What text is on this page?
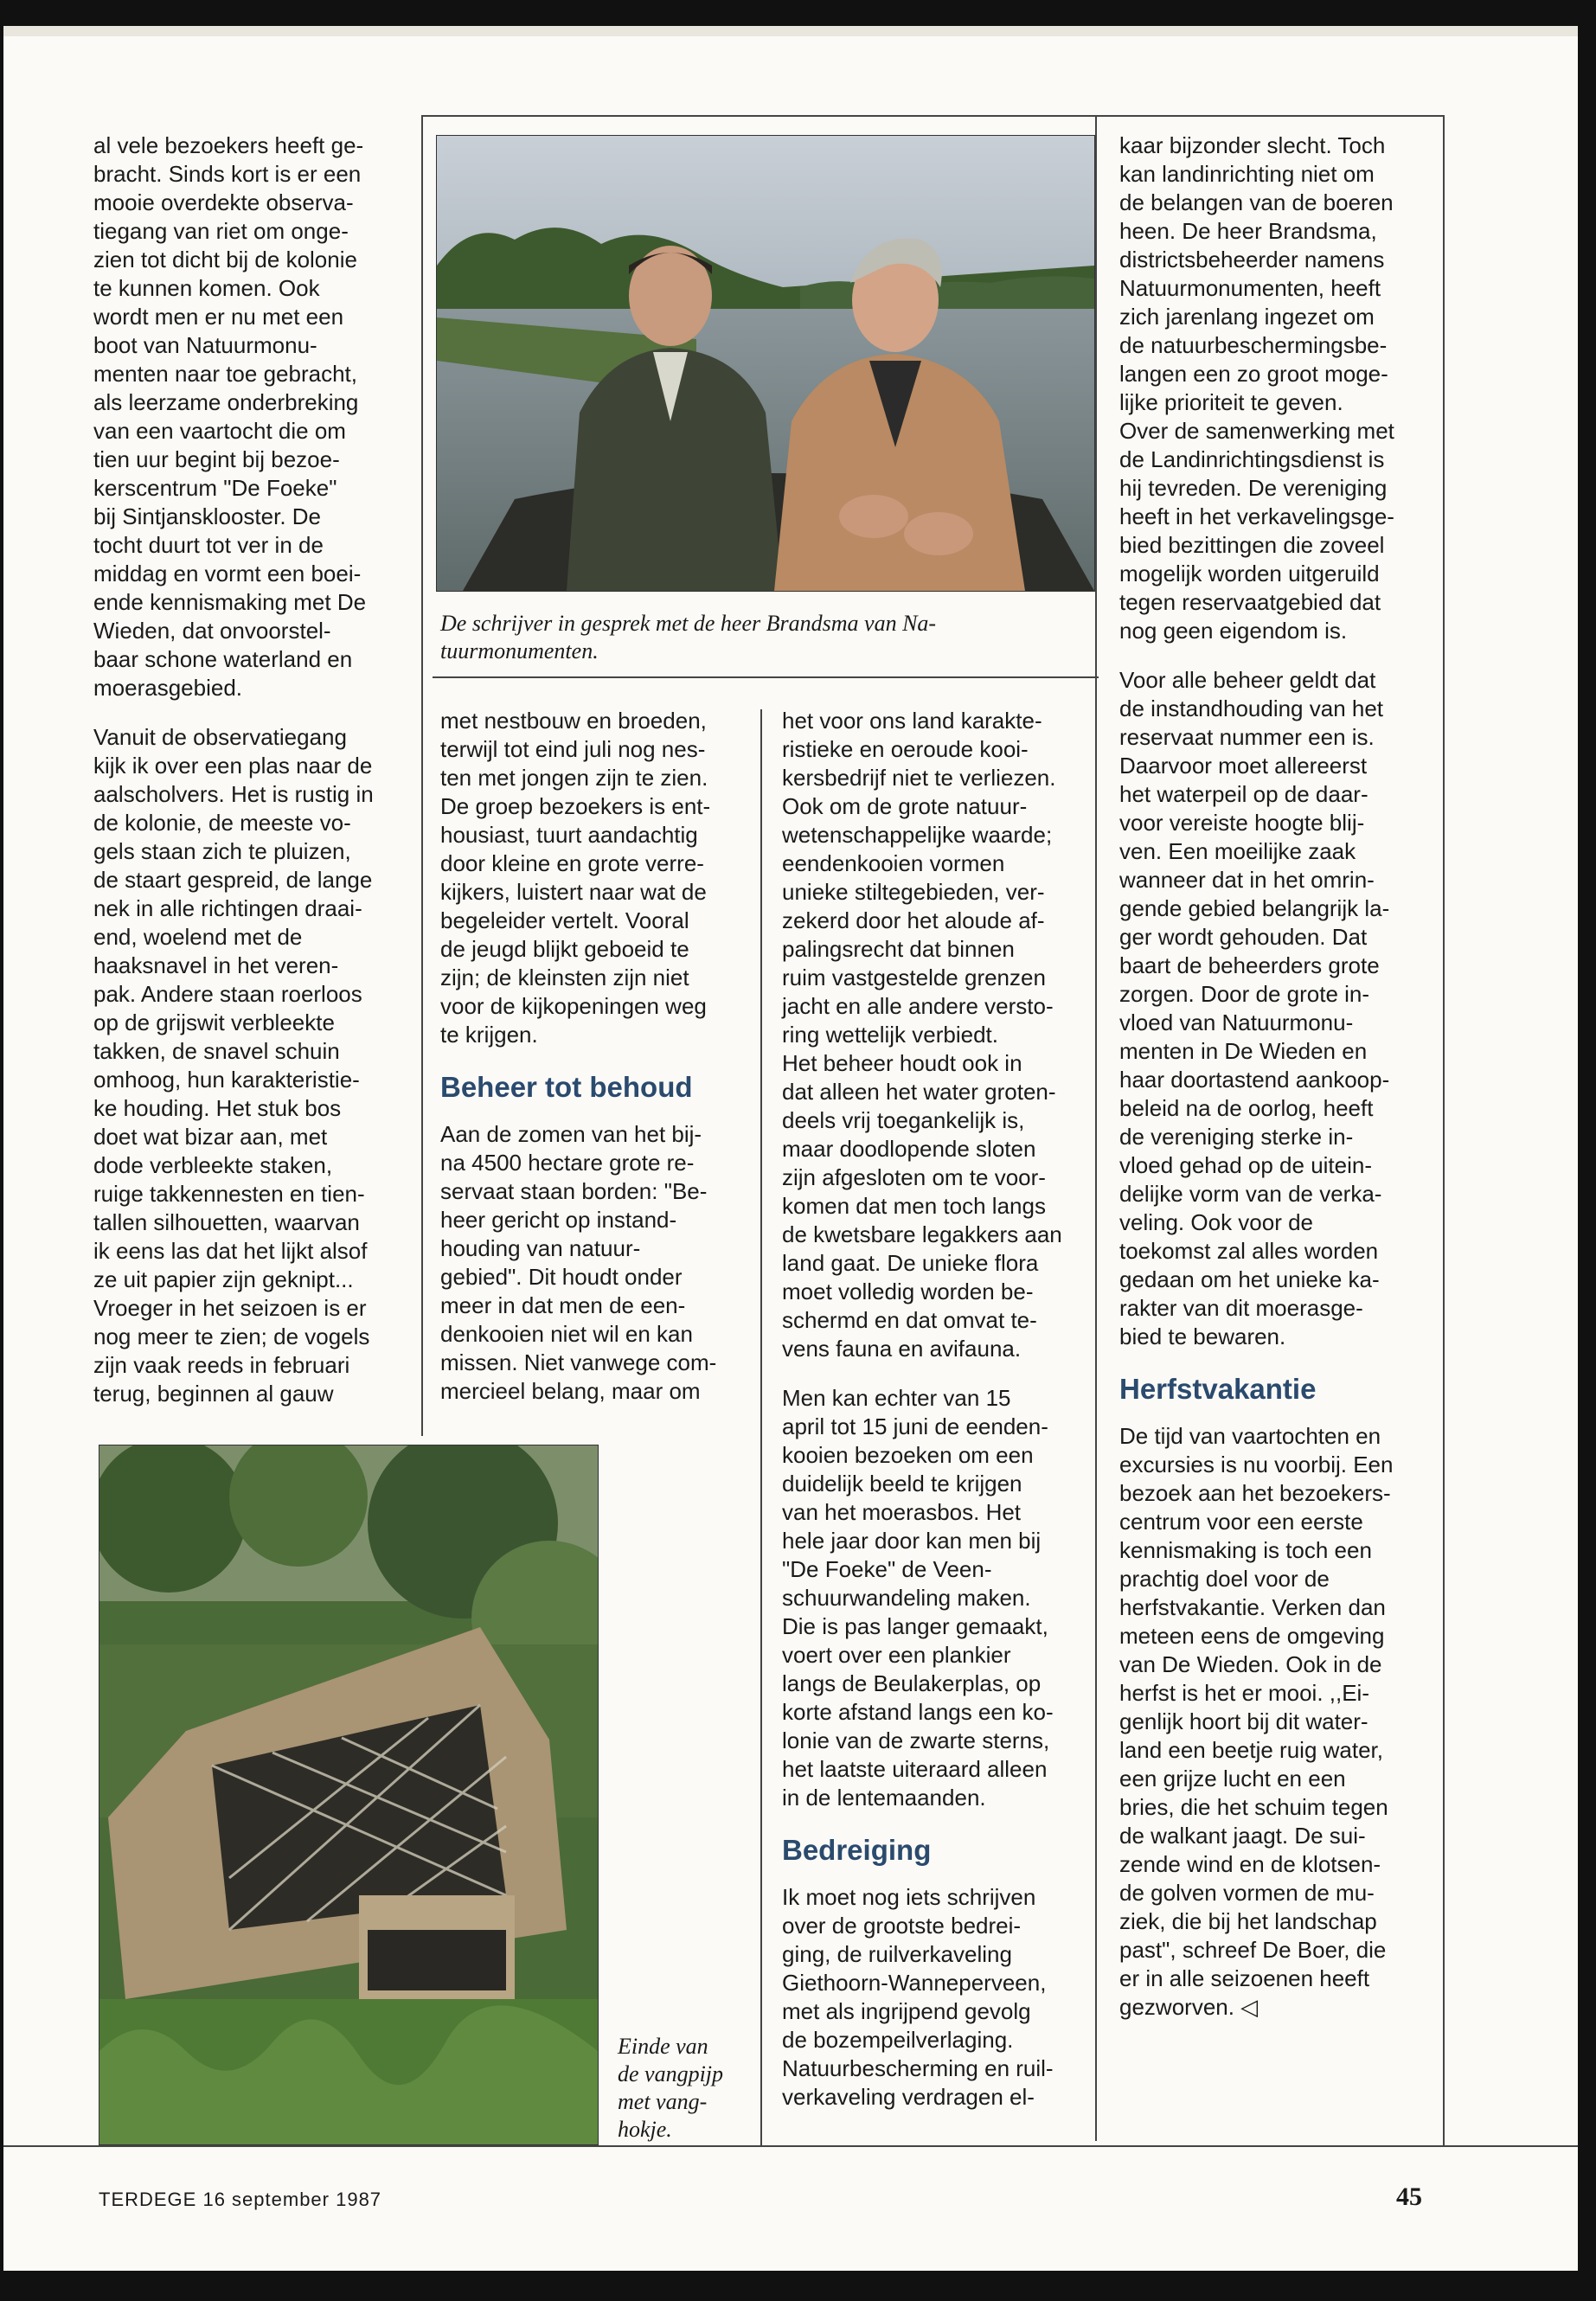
al vele bezoekers heeft ge-
bracht. Sinds kort is er een
mooie overdekte observa-
tiegang van riet om onge-
zien tot dicht bij de kolonie
te kunnen komen. Ook
wordt men er nu met een
boot van Natuurmonu-
menten naar toe gebracht,
als leerzame onderbreking
van een vaartocht die om
tien uur begint bij bezoe-
kerscentrum "De Foeke"
bij Sintjansklooster. De
tocht duurt tot ver in de
middag en vormt een boei-
ende kennismaking met De
Wieden, dat onvoorstel-
baar schone waterland en
moerasgebied.

Vanuit de observatiegang
kijk ik over een plas naar de
aalscholvers. Het is rustig in
de kolonie, de meeste vo-
gels staan zich te pluizen,
de staart gespreid, de lange
nek in alle richtingen draai-
end, woelend met de
haaksnavel in het veren-
pak. Andere staan roerloos
op de grijswit verbleekte
takken, de snavel schuin
omhoog, hun karakteristie-
ke houding. Het stuk bos
doet wat bizar aan, met
dode verbleekte staken,
ruige takkennesten en tien-
tallen silhouetten, waarvan
ik eens las dat het lijkt alsof
ze uit papier zijn geknipt...
Vroeger in het seizoen is er
nog meer te zien; de vogels
zijn vaak reeds in februari
terug, beginnen al gauw

De schrijver in gesprek met de heer Brandsma van Na-
tuurmonumenten.

met nestbouw en broeden,
terwijl tot eind juli nog nes-
ten met jongen zijn te zien.
De groep bezoekers is ent-
housiast, tuurt aandachtig
door kleine en grote verre-
kijkers, luistert naar wat de
begeleider vertelt. Vooral
de jeugd blijkt geboeid te
zijn; de kleinsten zijn niet
voor de kijkopeningen weg
te krijgen.

Beheer tot behoud

Aan de zomen van het bij-
na 4500 hectare grote re-
servaat staan borden: "Be-
heer gericht op instand-
houding van natuur-
gebied". Dit houdt onder
meer in dat men de een-
denkooien niet wil en kan
missen. Niet vanwege com-
mercieel belang, maar om

Einde van
de vangpijp
met vang-
hokje.

het voor ons land karakte-
ristieke en oeroude kooi-
kersbedrijf niet te verliezen.
Ook om de grote natuur-
wetenschappelijke waarde;
eendenkooien vormen
unieke stiltegebieden, ver-
zekerd door het aloude af-
palingsrecht dat binnen
ruim vastgestelde grenzen
jacht en alle andere versto-
ring wettelijk verbiedt.
Het beheer houdt ook in
dat alleen het water groten-
deels vrij toegankelijk is,
maar doodlopende sloten
zijn afgesloten om te voor-
komen dat men toch langs
de kwetsbare legakkers aan
land gaat. De unieke flora
moet volledig worden be-
schermd en dat omvat te-
vens fauna en avifauna.

Men kan echter van 15
april tot 15 juni de eenden-
kooien bezoeken om een
duidelijk beeld te krijgen
van het moerasbos. Het
hele jaar door kan men bij
"De Foeke" de Veen-
schuurwandeling maken.
Die is pas langer gemaakt,
voert over een plankier
langs de Beulakerplas, op
korte afstand langs een ko-
lonie van de zwarte sterns,
het laatste uiteraard alleen
in de lentemaanden.

Bedreiging

Ik moet nog iets schrijven
over de grootste bedrei-
ging, de ruilverkaveling
Giethoorn-Wanneperveen,
met als ingrijpend gevolg
de bozempeilverlaging.
Natuurbescherming en ruil-
verkaveling verdragen el-

kaar bijzonder slecht. Toch
kan landinrichting niet om
de belangen van de boeren
heen. De heer Brandsma,
districtsbeheerder namens
Natuurmonumenten, heeft
zich jarenlang ingezet om
de natuurbeschermingsbe-
langen een zo groot moge-
lijke prioriteit te geven.
Over de samenwerking met
de Landinrichtingsdienst is
hij tevreden. De vereniging
heeft in het verkavelingsge-
bied bezittingen die zoveel
mogelijk worden uitgeruild
tegen reservaatgebied dat
nog geen eigendom is.

Voor alle beheer geldt dat
de instandhouding van het
reservaat nummer een is.
Daarvoor moet allereerst
het waterpeil op de daar-
voor vereiste hoogte blij-
ven. Een moeilijke zaak
wanneer dat in het omrin-
gende gebied belangrijk la-
ger wordt gehouden. Dat
baart de beheerders grote
zorgen. Door de grote in-
vloed van Natuurmonu-
menten in De Wieden en
haar doortastend aankoop-
beleid na de oorlog, heeft
de vereniging sterke in-
vloed gehad op de uitein-
delijke vorm van de verka-
veling. Ook voor de
toekomst zal alles worden
gedaan om het unieke ka-
rakter van dit moerasge-
bied te bewaren.

Herfstvakantie

De tijd van vaartochten en
excursies is nu voorbij. Een
bezoek aan het bezoekers-
centrum voor een eerste
kennismaking is toch een
prachtig doel voor de
herfstvakantie. Verken dan
meteen eens de omgeving
van De Wieden. Ook in de
herfst is het er mooi. ,,Ei-
genlijk hoort bij dit water-
land een beetje ruig water,
een grijze lucht en een
bries, die het schuim tegen
de walkant jaagt. De sui-
zende wind en de klotsen-
de golven vormen de mu-
ziek, die bij het landschap
past", schreef De Boer, die
er in alle seizoenen heeft
gezworven. ◁

TERDEGE 16 september 1987	45
